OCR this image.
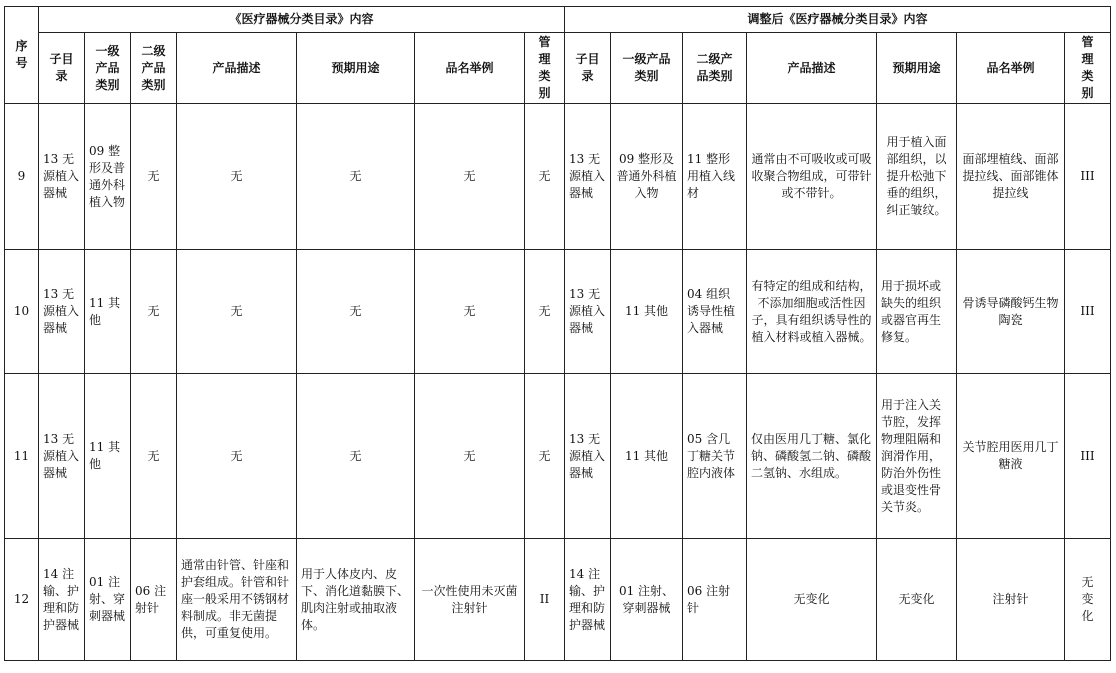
序号	《医疗器械分类目录》内容							调整后《医疗器械分类目录》内容						
	子目录	一级产品类别	二级产品类别	产品描述	预期用途	品名举例	管理类别	子目录	一级产品类别	二级产品类别	产品描述	预期用途	品名举例	管理类别
9	13 无源植入器械	09 整形及普通外科植入物	无	无	无	无	无	13 无源植入器械	09 整形及普通外科植入物	11 整形用植入线材	通常由不可吸收或可吸收聚合物组成，可带针或不带针。	用于植入面部组织，以提升松弛下垂的组织，纠正皱纹。	面部埋植线、面部提拉线、面部锥体提拉线	III
10	13 无源植入器械	11 其他	无	无	无	无	无	13 无源植入器械	11 其他	04 组织诱导性植入器械	有特定的组成和结构，不添加细胞或活性因子，具有组织诱导性的植入材料或植入器械。	用于损坏或缺失的组织或器官再生修复。	骨诱导磷酸钙生物陶瓷	III
11	13 无源植入器械	11 其他	无	无	无	无	无	13 无源植入器械	11 其他	05 含几丁糖关节腔内液体	仅由医用几丁糖、氯化钠、磷酸氢二钠、磷酸二氢钠、水组成。	用于注入关节腔，发挥物理阻隔和润滑作用，防治外伤性或退变性骨关节炎。	关节腔用医用几丁糖液	III
12	14 注输、护理和防护器械	01 注射、穿刺器械	06 注射针	通常由针管、针座和护套组成。针管和针座一般采用不锈钢材料制成。非无菌提供，可重复使用。	用于人体皮内、皮下、消化道黏膜下、肌肉注射或抽取液体。	一次性使用未灭菌注射针	II	14 注输、护理和防护器械	01 注射、穿刺器械	06 注射针	无变化	无变化	注射针	无变化
